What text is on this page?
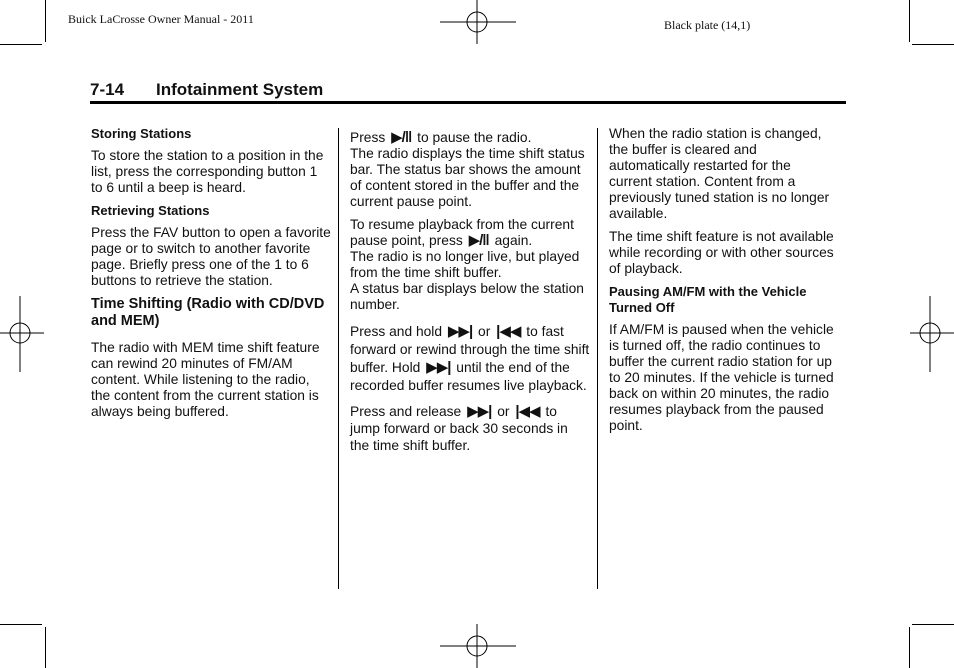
Buick LaCrosse Owner Manual - 2011	Black plate (14,1)
7-14 Infotainment System

Storing Stations

To store the station to a position in the list, press the corresponding button 1 to 6 until a beep is heard.

Retrieving Stations

Press the FAV button to open a favorite page or to switch to another favorite page. Briefly press one of the 1 to 6 buttons to retrieve the station.

Time Shifting (Radio with CD/DVD and MEM)

The radio with MEM time shift feature can rewind 20 minutes of FM/AM content. While listening to the radio, the content from the current station is always being buffered.

Press ▶/‖ to pause the radio.

The radio displays the time shift status bar. The status bar shows the amount of content stored in the buffer and the current pause point.

To resume playback from the current pause point, press ▶/‖ again.

The radio is no longer live, but played from the time shift buffer.

A status bar displays below the station number.

Press and hold ▶▶| or |◀◀ to fast forward or rewind through the time shift buffer. Hold ▶▶| until the end of the recorded buffer resumes live playback.

Press and release ▶▶| or |◀◀ to jump forward or back 30 seconds in the time shift buffer.

When the radio station is changed, the buffer is cleared and automatically restarted for the current station. Content from a previously tuned station is no longer available.

The time shift feature is not available while recording or with other sources of playback.

Pausing AM/FM with the Vehicle Turned Off

If AM/FM is paused when the vehicle is turned off, the radio continues to buffer the current radio station for up to 20 minutes. If the vehicle is turned back on within 20 minutes, the radio resumes playback from the paused point.
